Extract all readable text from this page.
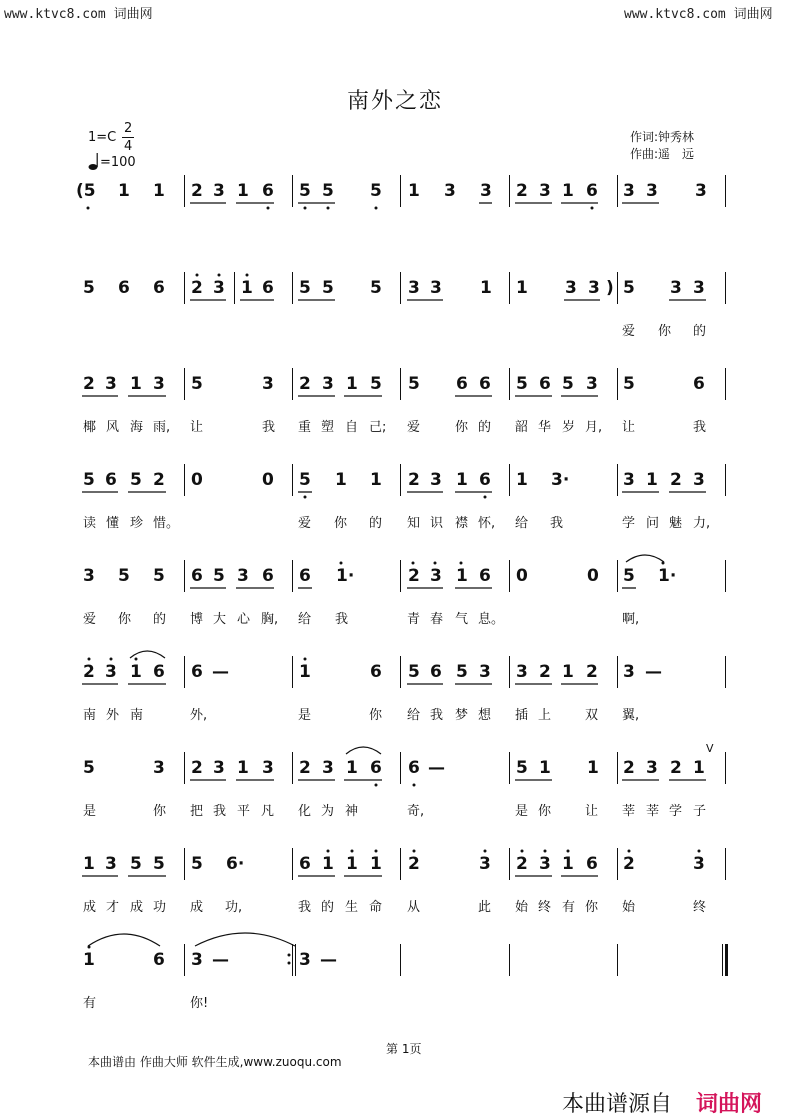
www.ktvc8.com 词曲网	www.ktvc8.com 词曲网
南外之恋
1=C
2
4
=100
作词:钟秀林
作曲:遥　远
(5 1 1 2 3 1 6 5 5 5 1 3 3 2 3 1 6 3 3 3
5 6 6 2 3 1 6 5 5 5 3 3 1 1 3 3 ) 5 3 3
爱 你 的
2 3 1 3 5	3 2 3 1 5 5 6 6 5 6 5 3 5	6
椰 风 海 雨, 让	我 重 塑 自 己; 爱	你 的 韶 华 岁 月, 让	我
5 6 5 2 0	0 5 1 1 2 3 1 6 1 3·	3 1 2 3
读 懂 珍 惜。	爱 你 的 知 识 襟 怀, 给 我	学 问 魅 力,
3 5 5 6 5 3 6 6 1·	2 3 1 6 0	0 5 1·
爱 你 的 博 大 心 胸, 给 我	青 春 气 息。	啊,
2 3 1 6 6 —	1	6 5 6 5 3 3 2 1 2 3 —
南 外 南	外,	是	你 给 我 梦 想 插 上	双 翼,
5	3 2 3 1 3 2 3 1 6 6 —	5 1 1 2 3 2 1
是	你 把 我 平 凡 化 为 神	奇,	是 你	让 莘 莘 学 子
V
1 3 5 5 5 6·	6 1 1 1 2	3 2 3 1 6 2	3
成 才 成 功 成 功,	我 的 生 命 从	此 始 终 有 你 始	终
1	6 3 —	3 —
有	你!
第 1页
本曲谱由 作曲大师 软件生成,www.zuoqu.com
本曲谱源自 词曲网
